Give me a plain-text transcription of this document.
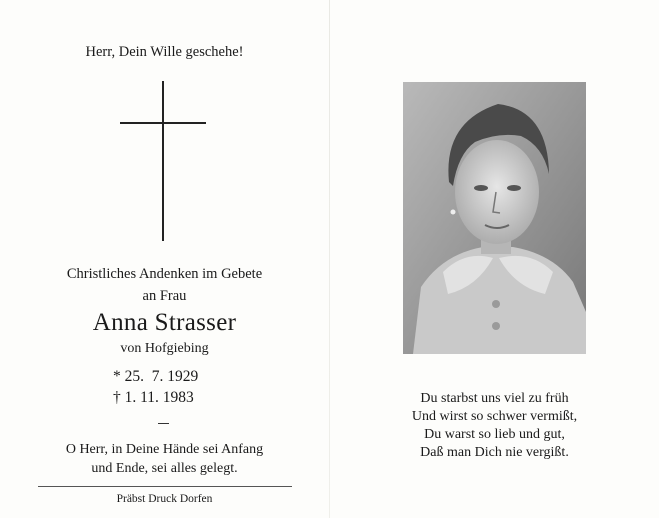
Herr, Dein Wille geschehe!
Christliches Andenken im Gebete
an Frau
Anna Strasser
von Hofgiebing
* 25.  7. 1929
† 1. 11. 1983
O Herr, in Deine Hände sei Anfang
und Ende, sei alles gelegt.
Präbst Druck Dorfen
Du starbst uns viel zu früh
Und wirst so schwer vermißt,
Du warst so lieb und gut,
Daß man Dich nie vergißt.
